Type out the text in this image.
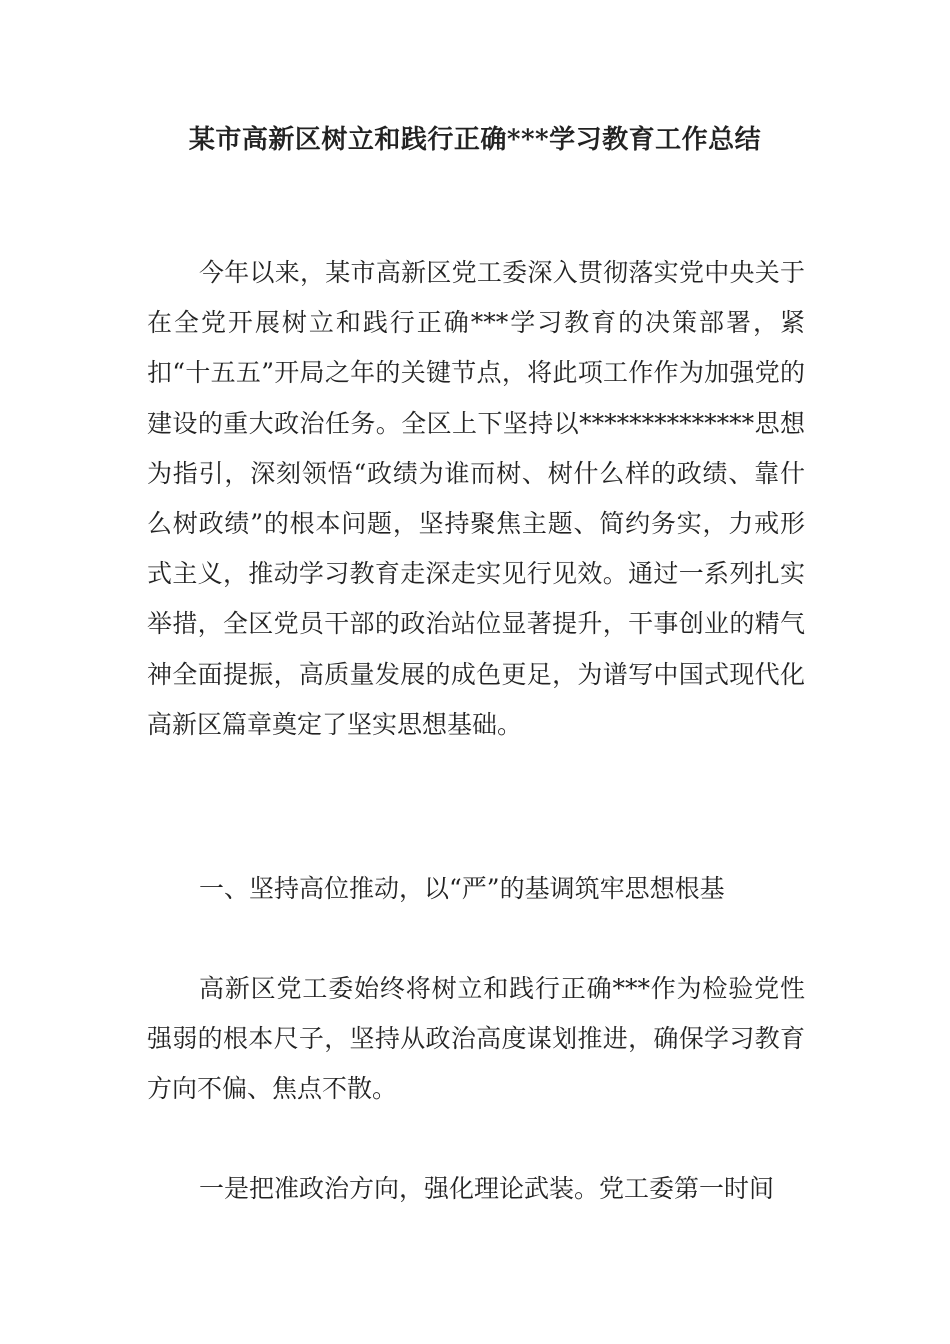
某市高新区树立和践行正确***学习教育工作总结

今年以来，某市高新区党工委深入贯彻落实党中央关于在全党开展树立和践行正确***学习教育的决策部署，紧扣“十五五”开局之年的关键节点，将此项工作作为加强党的建设的重大政治任务。全区上下坚持以**************思想为指引，深刻领悟“政绩为谁而树、树什么样的政绩、靠什么树政绩”的根本问题，坚持聚焦主题、简约务实，力戒形式主义，推动学习教育走深走实见行见效。通过一系列扎实举措，全区党员干部的政治站位显著提升，干事创业的精气神全面提振，高质量发展的成色更足，为谱写中国式现代化高新区篇章奠定了坚实思想基础。

一、坚持高位推动，以“严”的基调筑牢思想根基

高新区党工委始终将树立和践行正确***作为检验党性强弱的根本尺子，坚持从政治高度谋划推进，确保学习教育方向不偏、焦点不散。

一是把准政治方向，强化理论武装。党工委第一时间
